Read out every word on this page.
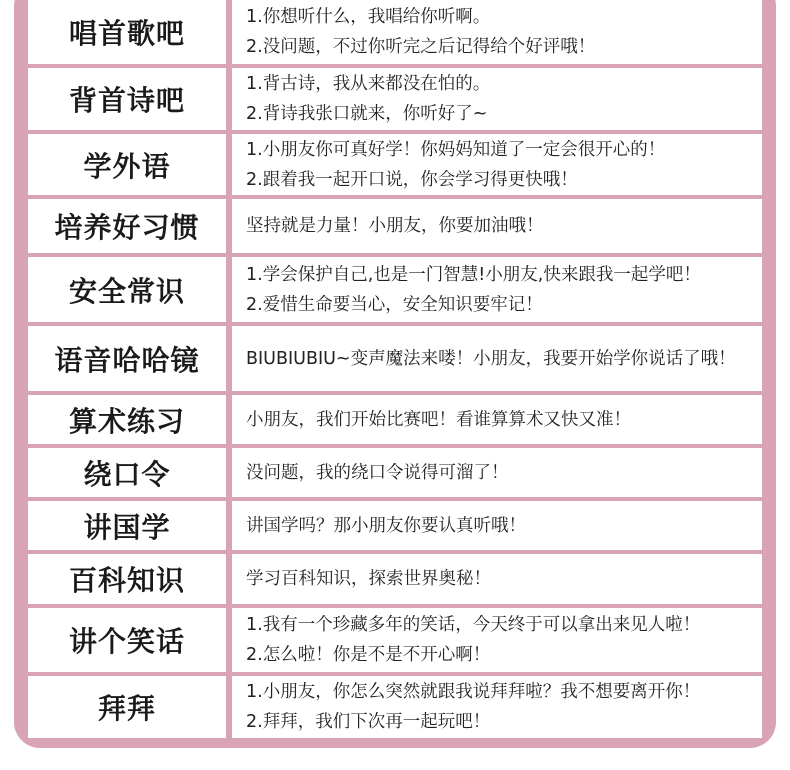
唱首歌吧	1.你想听什么，我唱给你听啊。
2.没问题，不过你听完之后记得给个好评哦！
背首诗吧	1.背古诗，我从来都没在怕的。
2.背诗我张口就来，你听好了~
学外语	1.小朋友你可真好学！你妈妈知道了一定会很开心的！
2.跟着我一起开口说，你会学习得更快哦！
培养好习惯	坚持就是力量！小朋友，你要加油哦！
安全常识	1.学会保护自己,也是一门智慧!小朋友,快来跟我一起学吧！
2.爱惜生命要当心，安全知识要牢记！
语音哈哈镜	BIUBIUBIU~变声魔法来喽！小朋友，我要开始学你说话了哦！
算术练习	小朋友，我们开始比赛吧！看谁算算术又快又准！
绕口令	没问题，我的绕口令说得可溜了！
讲国学	讲国学吗？那小朋友你要认真听哦！
百科知识	学习百科知识，探索世界奥秘！
讲个笑话	1.我有一个珍藏多年的笑话，今天终于可以拿出来见人啦！
2.怎么啦！你是不是不开心啊！
拜拜	1.小朋友，你怎么突然就跟我说拜拜啦？我不想要离开你！
2.拜拜，我们下次再一起玩吧！
